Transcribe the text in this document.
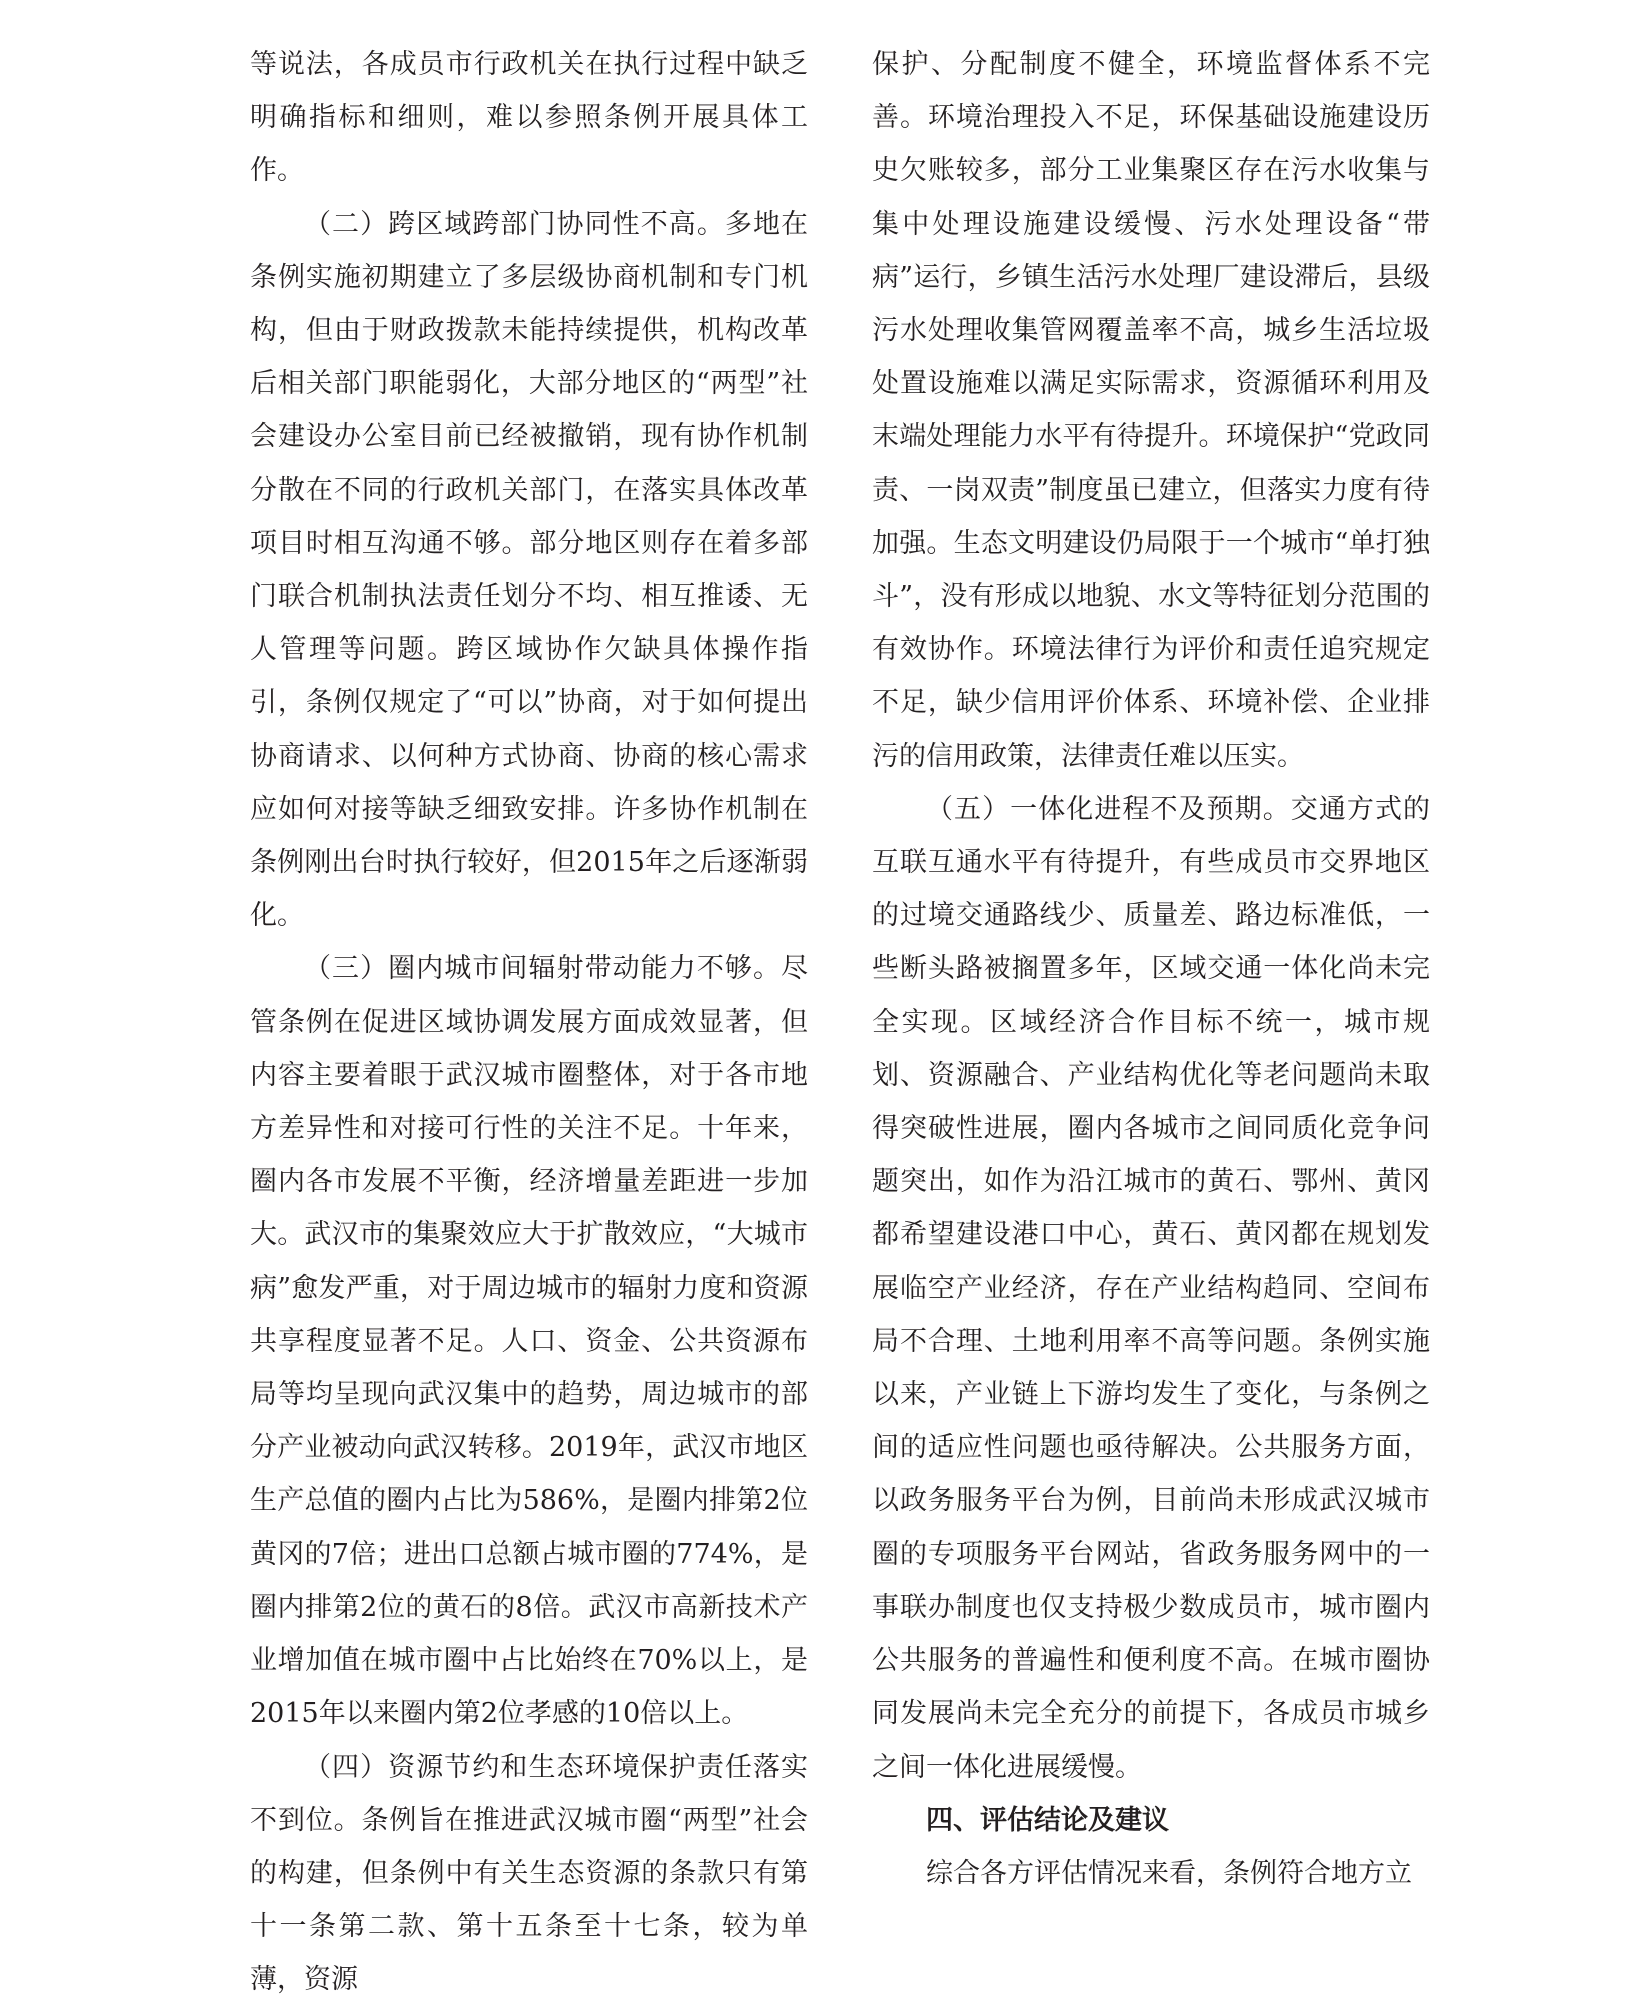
等说法，各成员市行政机关在执行过程中缺乏明确指标和细则，难以参照条例开展具体工作。

（二）跨区域跨部门协同性不高。多地在条例实施初期建立了多层级协商机制和专门机构，但由于财政拨款未能持续提供，机构改革后相关部门职能弱化，大部分地区的“两型”社会建设办公室目前已经被撤销，现有协作机制分散在不同的行政机关部门，在落实具体改革项目时相互沟通不够。部分地区则存在着多部门联合机制执法责任划分不均、相互推诿、无人管理等问题。跨区域协作欠缺具体操作指引，条例仅规定了“可以”协商，对于如何提出协商请求、以何种方式协商、协商的核心需求应如何对接等缺乏细致安排。许多协作机制在条例刚出台时执行较好，但2015年之后逐渐弱化。

（三）圈内城市间辐射带动能力不够。尽管条例在促进区域协调发展方面成效显著，但内容主要着眼于武汉城市圈整体，对于各市地方差异性和对接可行性的关注不足。十年来，圈内各市发展不平衡，经济增量差距进一步加大。武汉市的集聚效应大于扩散效应，“大城市病”愈发严重，对于周边城市的辐射力度和资源共享程度显著不足。人口、资金、公共资源布局等均呈现向武汉集中的趋势，周边城市的部分产业被动向武汉转移。2019年，武汉市地区生产总值的圈内占比为586%，是圈内排第2位黄冈的7倍；进出口总额占城市圈的774%，是圈内排第2位的黄石的8倍。武汉市高新技术产业增加值在城市圈中占比始终在70%以上，是2015年以来圈内第2位孝感的10倍以上。

（四）资源节约和生态环境保护责任落实不到位。条例旨在推进武汉城市圈“两型”社会的构建，但条例中有关生态资源的条款只有第十一条第二款、第十五条至十七条，较为单薄，资源

保护、分配制度不健全，环境监督体系不完善。环境治理投入不足，环保基础设施建设历史欠账较多，部分工业集聚区存在污水收集与集中处理设施建设缓慢、污水处理设备“带病”运行，乡镇生活污水处理厂建设滞后，县级污水处理收集管网覆盖率不高，城乡生活垃圾处置设施难以满足实际需求，资源循环利用及末端处理能力水平有待提升。环境保护“党政同责、一岗双责”制度虽已建立，但落实力度有待加强。生态文明建设仍局限于一个城市“单打独斗”，没有形成以地貌、水文等特征划分范围的有效协作。环境法律行为评价和责任追究规定不足，缺少信用评价体系、环境补偿、企业排污的信用政策，法律责任难以压实。

（五）一体化进程不及预期。交通方式的互联互通水平有待提升，有些成员市交界地区的过境交通路线少、质量差、路边标准低，一些断头路被搁置多年，区域交通一体化尚未完全实现。区域经济合作目标不统一，城市规划、资源融合、产业结构优化等老问题尚未取得突破性进展，圈内各城市之间同质化竞争问题突出，如作为沿江城市的黄石、鄂州、黄冈都希望建设港口中心，黄石、黄冈都在规划发展临空产业经济，存在产业结构趋同、空间布局不合理、土地利用率不高等问题。条例实施以来，产业链上下游均发生了变化，与条例之间的适应性问题也亟待解决。公共服务方面，以政务服务平台为例，目前尚未形成武汉城市圈的专项服务平台网站，省政务服务网中的一事联办制度也仅支持极少数成员市，城市圈内公共服务的普遍性和便利度不高。在城市圈协同发展尚未完全充分的前提下，各成员市城乡之间一体化进展缓慢。

四、评估结论及建议

综合各方评估情况来看，条例符合地方立
